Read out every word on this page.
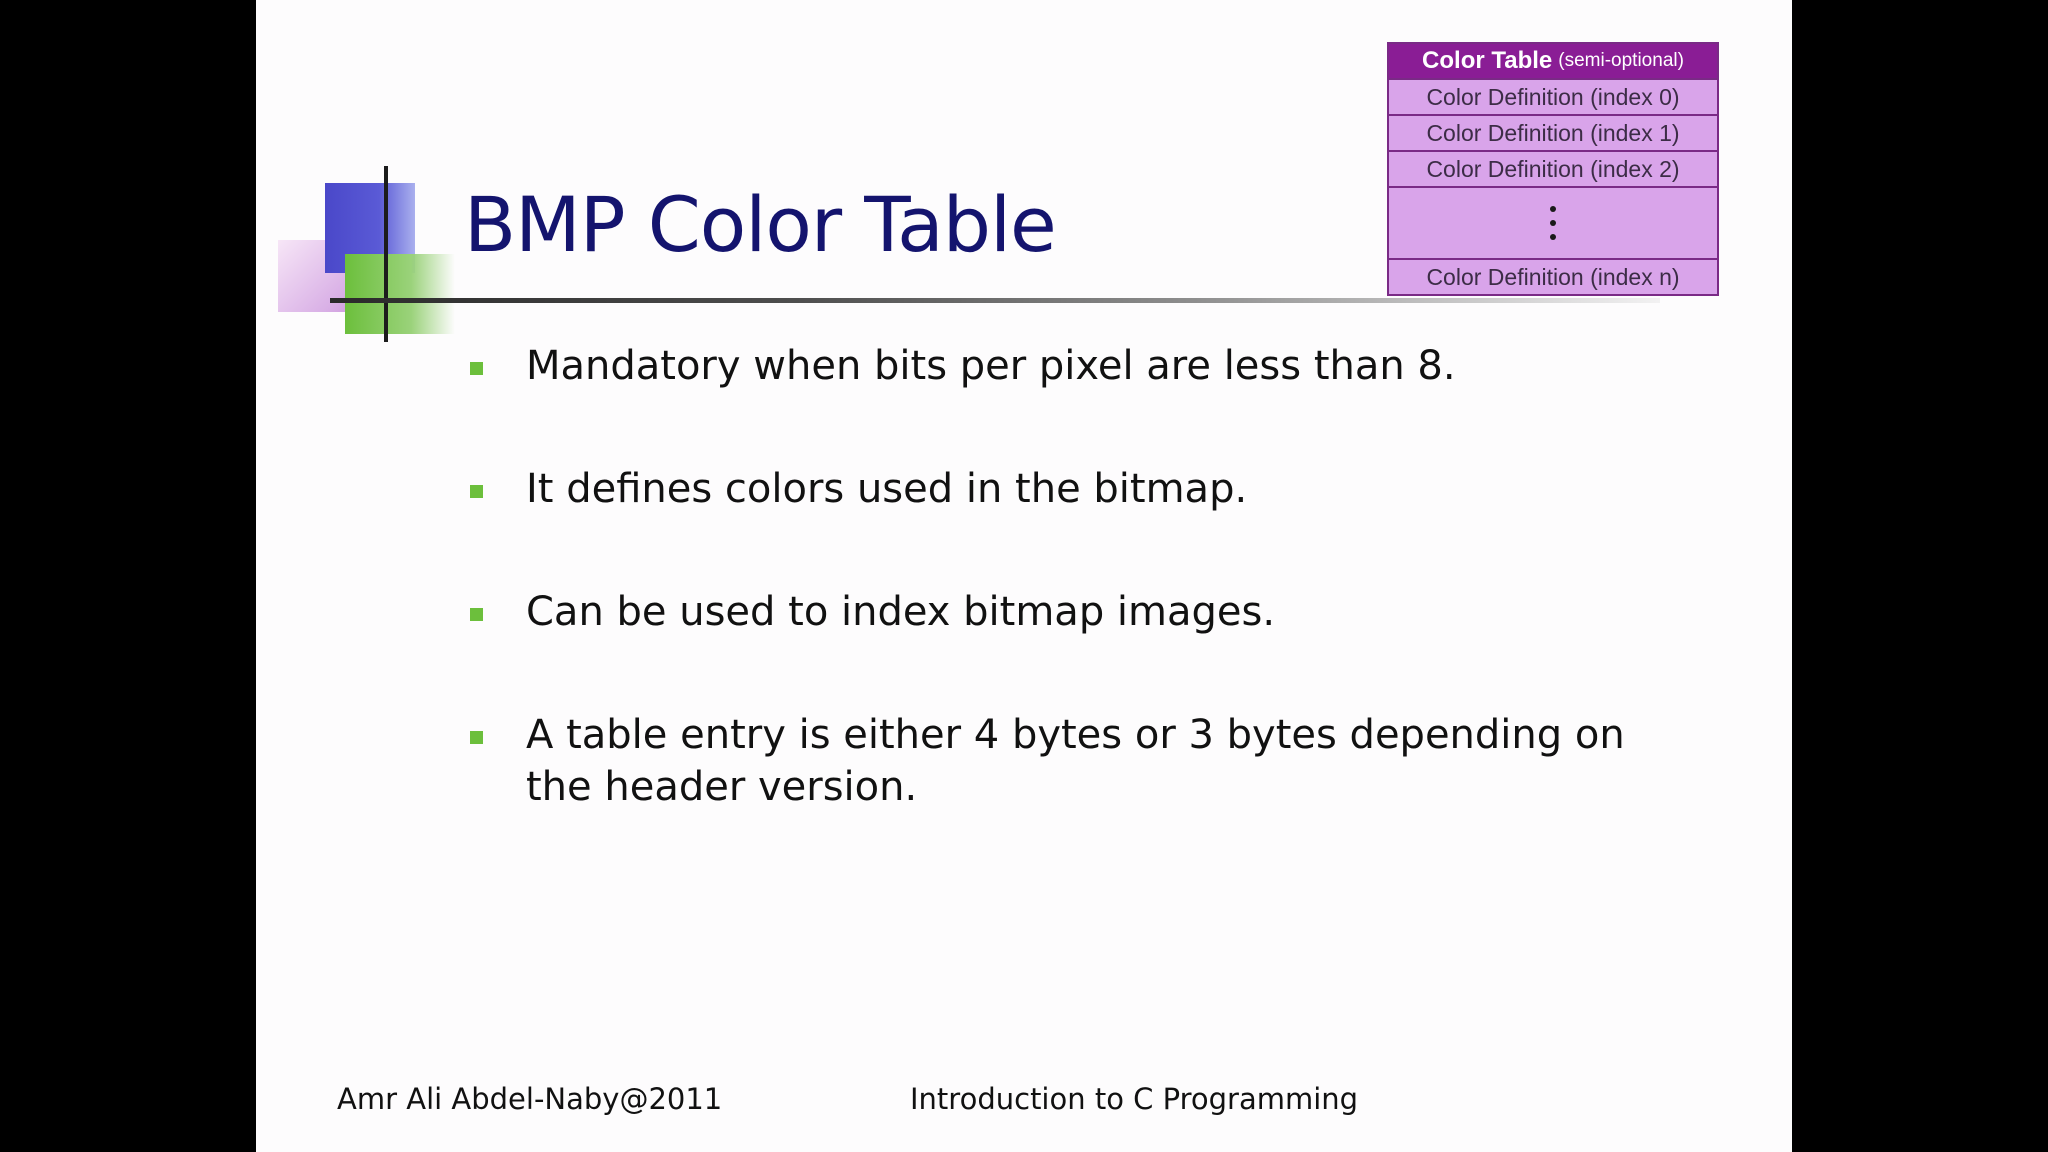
BMP Color Table
Color Table (semi-optional)
Color Definition (index 0)
Color Definition (index 1)
Color Definition (index 2)
Color Definition (index n)
Mandatory when bits per pixel are less than 8.
It defines colors used in the bitmap.
Can be used to index bitmap images.
A table entry is either 4 bytes or 3 bytes depending on the header version.
Amr Ali Abdel-Naby@2011	Introduction to C Programming
